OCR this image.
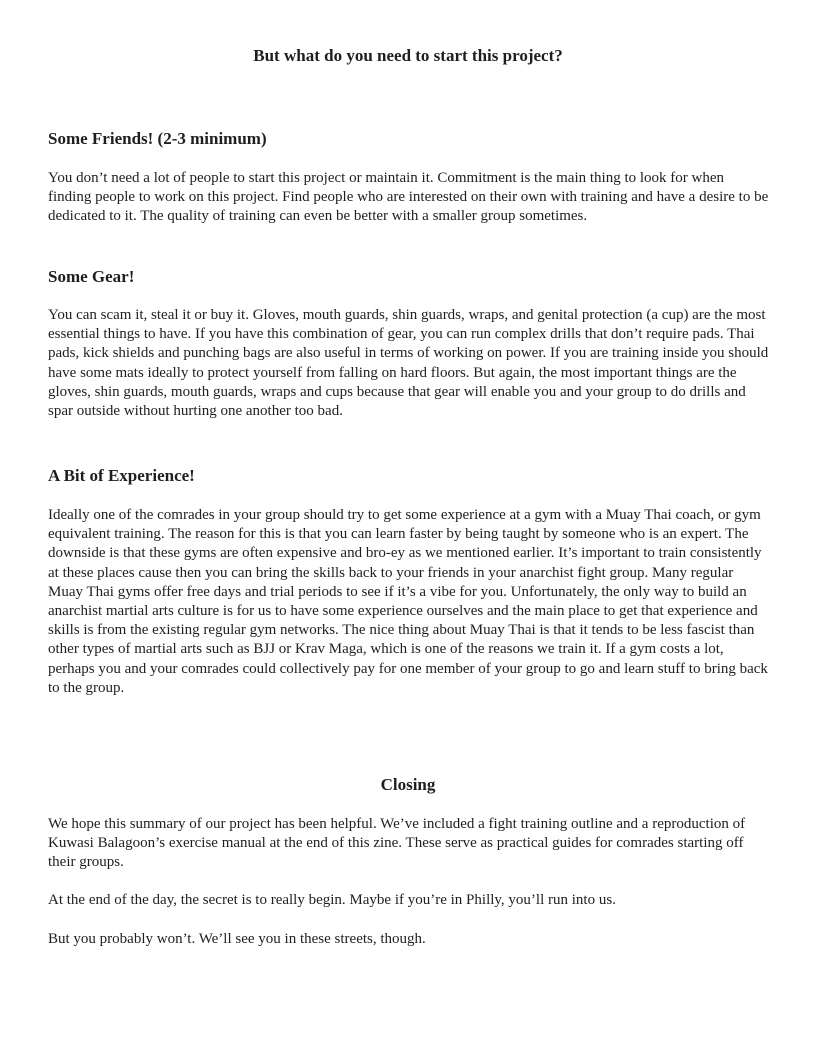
But what do you need to start this project?
Some Friends! (2-3 minimum)

You don’t need a lot of people to start this project or maintain it. Commitment is the main thing to look for when finding people to work on this project. Find people who are interested on their own with training and have a desire to be dedicated to it. The quality of training can even be better with a smaller group sometimes.

Some Gear!

You can scam it, steal it or buy it. Gloves, mouth guards, shin guards, wraps, and genital protection (a cup) are the most essential things to have. If you have this combination of gear, you can run complex drills that don’t require pads. Thai pads, kick shields and punching bags are also useful in terms of working on power. If you are training inside you should have some mats ideally to protect yourself from falling on hard floors. But again, the most important things are the gloves, shin guards, mouth guards, wraps and cups because that gear will enable you and your group to do drills and spar outside without hurting one another too bad.

A Bit of Experience!

Ideally one of the comrades in your group should try to get some experience at a gym with a Muay Thai coach, or gym equivalent training. The reason for this is that you can learn faster by being taught by someone who is an expert. The downside is that these gyms are often expensive and bro-ey as we mentioned earlier. It’s important to train consistently at these places cause then you can bring the skills back to your friends in your anarchist fight group. Many regular Muay Thai gyms offer free days and trial periods to see if it’s a vibe for you. Unfortunately, the only way to build an anarchist martial arts culture is for us to have some experience ourselves and the main place to get that experience and skills is from the existing regular gym networks. The nice thing about Muay Thai is that it tends to be less fascist than other types of martial arts such as BJJ or Krav Maga, which is one of the reasons we train it. If a gym costs a lot, perhaps you and your comrades could collectively pay for one member of your group to go and learn stuff to bring back to the group.

Closing

We hope this summary of our project has been helpful. We’ve included a fight training outline and a reproduction of Kuwasi Balagoon’s exercise manual at the end of this zine. These serve as practical guides for comrades starting off their groups.

At the end of the day, the secret is to really begin. Maybe if you’re in Philly, you’ll run into us.

But you probably won’t. We’ll see you in these streets, though.
